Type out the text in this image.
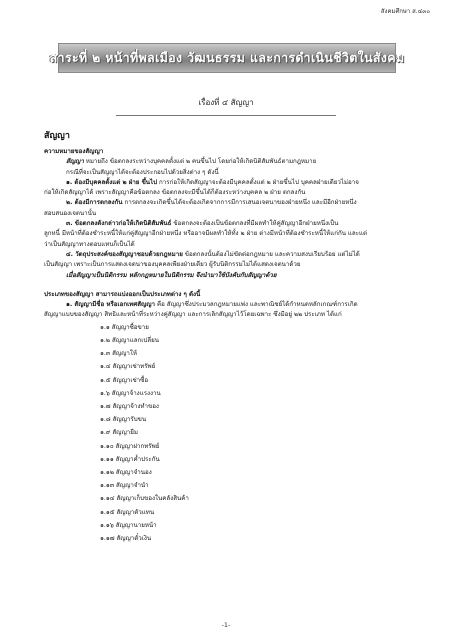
สังคมศึกษา ส.๔๓๐
สาระที่ ๒ หน้าที่พลเมือง วัฒนธรรม และการดำเนินชีวิตในสังคม
เรื่องที่ ๔ สัญญา
สัญญา

ความหมายของสัญญา

สัญญา หมายถึง ข้อตกลงระหว่างบุคคลตั้งแต่ ๒ คนขึ้นไป โดยก่อให้เกิดนิติสัมพันธ์ตามกฎหมาย

กรณีที่จะเป็นสัญญาได้จะต้องประกอบไปด้วยสิ่งต่าง ๆ ดังนี้

๑. ต้องมีบุคคลตั้งแต่ ๒ ฝ่าย ขึ้นไป การก่อให้เกิดสัญญาจะต้องมีบุคคลตั้งแต่ ๒ ฝ่ายขึ้นไป บุคคลฝ่ายเดียวไม่อาจ

ก่อให้เกิดสัญญาได้ เพราะสัญญาคือข้อตกลง ข้อตกลงจะมีขึ้นได้ก็ต้องระหว่างบุคคล ๒ ฝ่าย ตกลงกัน

๒. ต้องมีการตกลงกัน การตกลงจะเกิดขึ้นได้จะต้องเกิดจากการมีการเสนอเจตนาของฝ่ายหนึ่ง และมีอีกฝ่ายหนึ่ง

สอบสนองเจตนานั้น

๓. ข้อตกลงดังกล่าวก่อให้เกิดนิติสัมพันธ์ ข้อตกลงจะต้องเป็นข้อตกลงที่มีผลทำให้คู่สัญญาอีกฝ่ายหนึ่งเป็น

ลูกหนี้ มีหน้าที่ต้องชำระหนี้ให้แก่คู่สัญญาอีกฝ่ายหนึ่ง หรืออาจมีผลทำให้ทั้ง ๒ ฝ่าย ต่างมีหน้าที่ต้องชำระหนี้ให้แก่กัน และแต่

ว่าเป็นสัญญาทางตอบแทนก็เป็นได้

๔. วัตถุประสงค์ของสัญญาชอบด้วยกฎหมาย ข้อตกลงนั้นต้องไม่ขัดต่อกฎหมาย และความสงบเรียบร้อย แต่ไม่ได้

เป็นสัญญา เพราะเป็นการแสดงเจตนาของบุคคลเพียงฝ่ายเดียว ผู้รับนิติกรรมไม่ได้แสดงเจตนาด้วย

เมื่อสัญญาเป็นนิติกรรม หลักกฎหมายในนิติกรรม จึงนำมาใช้บังคับกับสัญญาด้วย

ประเภทของสัญญา สามารถแบ่งออกเป็นประเภทต่าง ๆ ดังนี้

๑. สัญญามีชื่อ หรือเอกเทศสัญญา คือ สัญญาซึ่งประมวลกฎหมายแพ่ง และพาณิชย์ได้กำหนดหลักเกณฑ์การเกิด

สัญญาแบบของสัญญา สิทธิและหน้าที่ระหว่างคู่สัญญา และการเลิกสัญญาไว้โดยเฉพาะ ซึ่งมีอยู่ ๒๒ ประเภท ได้แก่

๑.๑ สัญญาซื้อขาย

๑.๒ สัญญาแลกเปลี่ยน

๑.๓ สัญญาให้

๑.๔ สัญญาเช่าทรัพย์

๑.๕ สัญญาเช่าซื้อ

๑.๖ สัญญาจ้างแรงงาน

๑.๗ สัญญาจ้างทำของ

๑.๘ สัญญารับขน

๑.๙ สัญญายืม

๑.๑๐ สัญญาฝากทรัพย์

๑.๑๑ สัญญาค้ำประกัน

๑.๑๒ สัญญาจำนอง

๑.๑๓ สัญญาจำนำ

๑.๑๔ สัญญาเก็บของในคลังสินค้า

๑.๑๕ สัญญาตัวแทน

๑.๑๖ สัญญานายหน้า

๑.๑๗ สัญญาตั๋วเงิน

-1-
